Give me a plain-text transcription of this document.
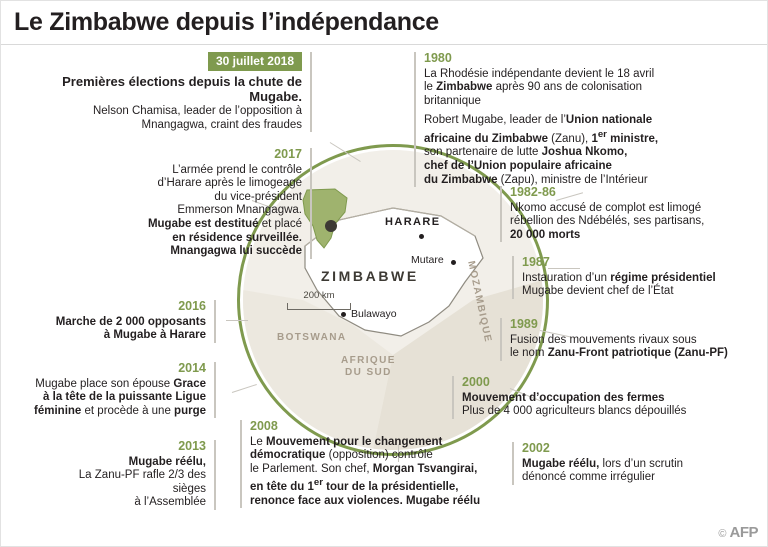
Le Zimbabwe depuis l’indépendance
ZIMBABWE
BOTSWANA
AFRIQUE
DU SUD
MOZAMBIQUE
HARARE
Mutare
Bulawayo
200 km
30 juillet 2018
Premières élections depuis la chute de Mugabe.
Nelson Chamisa, leader de l’opposition à Mnangagwa, craint des fraudes
2017
L’armée prend le contrôle
d’Harare après le limogeage
du vice-président
Emmerson Mnangagwa.
Mugabe est destitué et placé
en résidence surveillée.
Mnangagwa lui succède
2016
Marche de 2 000 opposants
à Mugabe à Harare
2014
Mugabe place son épouse Grace
à la tête de la puissante Ligue
féminine et procède à une purge
2013
Mugabe réélu,
La Zanu-PF rafle 2/3 des sièges
à l’Assemblée
2008
Le Mouvement pour le changement
démocratique (opposition) contrôle
le Parlement. Son chef, Morgan Tsvangirai,
en tête du 1er tour de la présidentielle,
renonce face aux violences. Mugabe réélu
1980
La Rhodésie indépendante devient le 18 avril
le Zimbabwe après 90 ans de colonisation
britannique
Robert Mugabe, leader de l’Union nationale
africaine du Zimbabwe (Zanu), 1er ministre,
son partenaire de lutte Joshua Nkomo,
chef de l’Union populaire africaine
du Zimbabwe (Zapu), ministre de l’Intérieur
1982-86
Nkomo accusé de complot est limogé
rébellion des Ndébélés, ses partisans,
20 000 morts
1987
Instauration d’un régime présidentiel
Mugabe devient chef de l’État
1989
Fusion des mouvements rivaux sous
le nom Zanu-Front patriotique (Zanu-PF)
2000
Mouvement d’occupation des fermes
Plus de 4 000 agriculteurs blancs dépouillés
2002
Mugabe réélu, lors d’un scrutin
dénoncé comme irrégulier
© AFP
